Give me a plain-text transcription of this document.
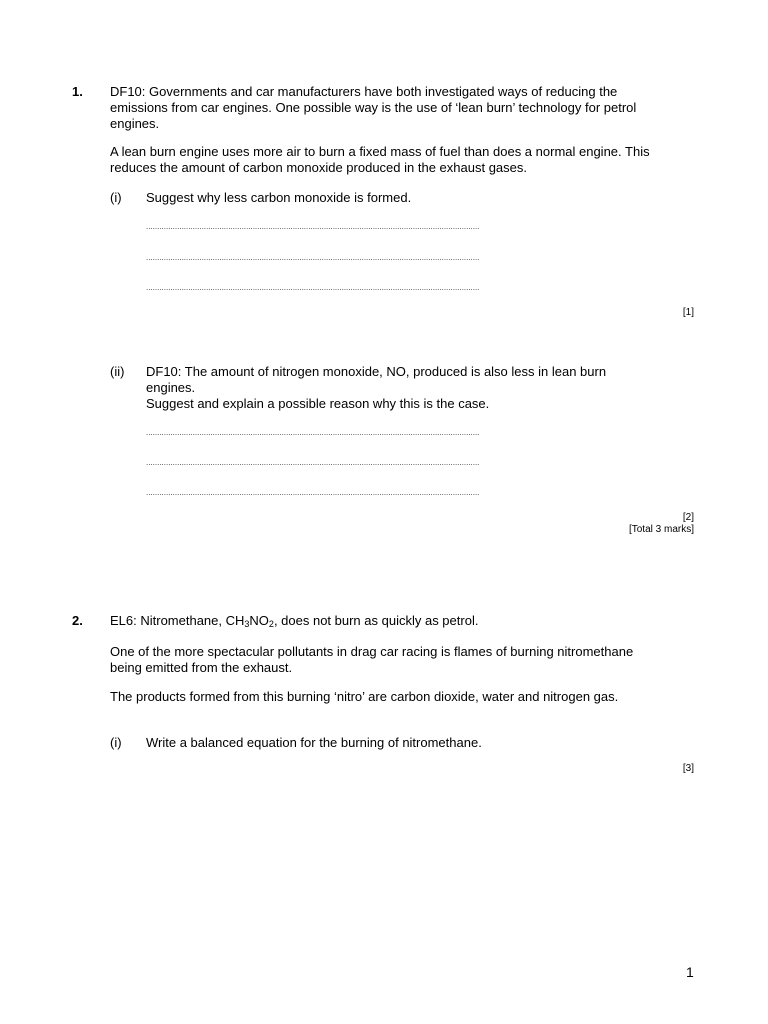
1. DF10: Governments and car manufacturers have both investigated ways of reducing the emissions from car engines. One possible way is the use of ‘lean burn’ technology for petrol engines.
A lean burn engine uses more air to burn a fixed mass of fuel than does a normal engine. This reduces the amount of carbon monoxide produced in the exhaust gases.
(i) Suggest why less carbon monoxide is formed.
......................................................................................................................................................
......................................................................................................................................................
......................................................................................................................................................
[1]
(ii) DF10: The amount of nitrogen monoxide, NO, produced is also less in lean burn engines.
Suggest and explain a possible reason why this is the case.
......................................................................................................................................................
......................................................................................................................................................
......................................................................................................................................................
[2]
[Total 3 marks]
2. EL6: Nitromethane, $CH_3NO_2$, does not burn as quickly as petrol.
One of the more spectacular pollutants in drag car racing is flames of burning nitromethane being emitted from the exhaust.
The products formed from this burning ‘nitro’ are carbon dioxide, water and nitrogen gas.
(i) Write a balanced equation for the burning of nitromethane.
[3]
1
